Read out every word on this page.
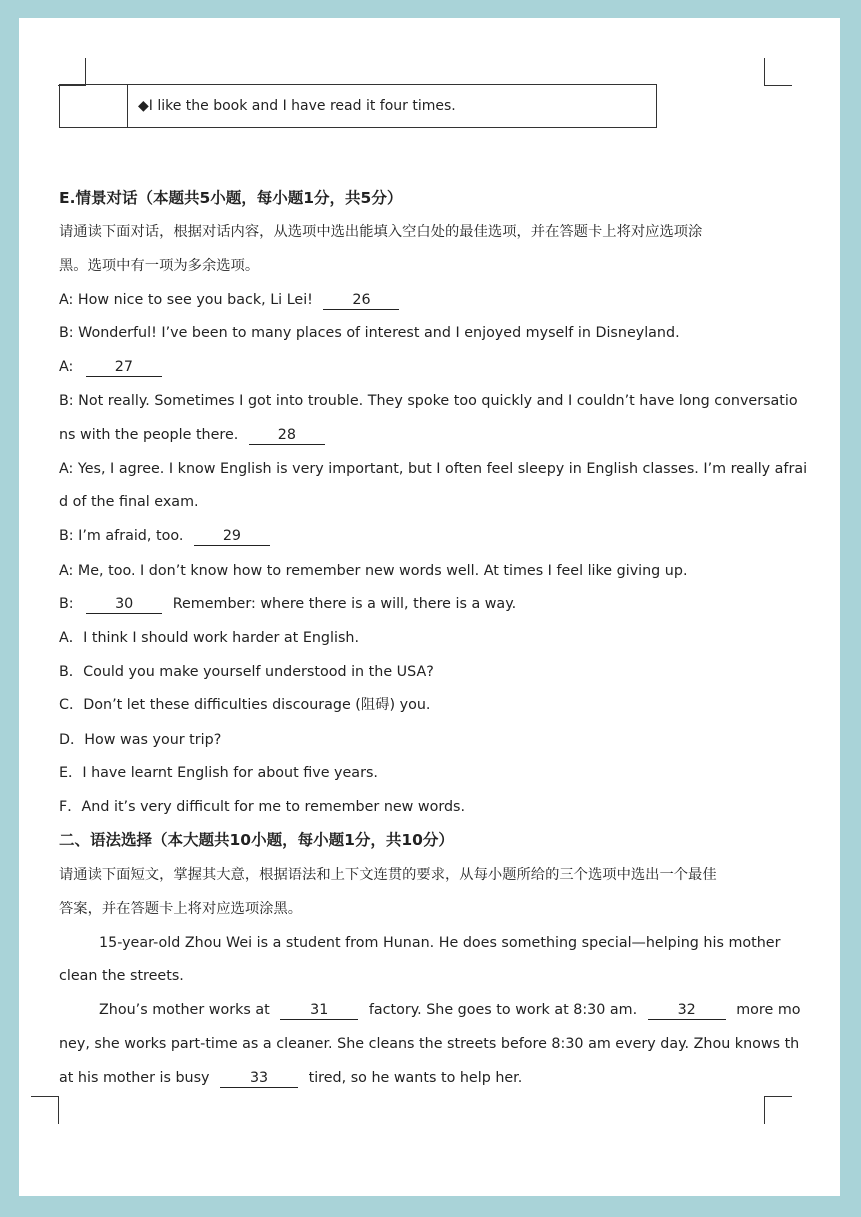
◆I like the book and I have read it four times.
E.情景对话（本题共5小题，每小题1分，共5分）
请通读下面对话，根据对话内容，从选项中选出能填入空白处的最佳选项，并在答题卡上将对应选项涂
黑。选项中有一项为多余选项。
A: How nice to see you back, Li Lei!	26
B: Wonderful! I’ve been to many places of interest and I enjoyed myself in Disneyland.
A:	27
B: Not really. Sometimes I got into trouble. They spoke too quickly and I couldn’t have long conversatio
ns with the people there.	28
A: Yes, I agree. I know English is very important, but I often feel sleepy in English classes. I’m really afrai
d of the final exam.
B: I’m afraid, too.	29
A: Me, too. I don’t know how to remember new words well. At times I feel like giving up.
B:	30	Remember: where there is a will, there is a way.
A．I think I should work harder at English.
B．Could you make yourself understood in the USA?
C．Don’t let these difficulties discourage (阻碍) you.
D．How was your trip?
E．I have learnt English for about five years.
F．And it’s very difficult for me to remember new words.
二、语法选择（本大题共10小题，每小题1分，共10分）
请通读下面短文，掌握其大意，根据语法和上下文连贯的要求，从每小题所给的三个选项中选出一个最佳
答案，并在答题卡上将对应选项涂黑。
15-year-old Zhou Wei is a student from Hunan. He does something special—helping his mother
clean the streets.
Zhou’s mother works at	31	factory. She goes to work at 8:30 am.	32	more mo
ney, she works part-time as a cleaner. She cleans the streets before 8:30 am every day. Zhou knows th
at his mother is busy	33	tired, so he wants to help her.
